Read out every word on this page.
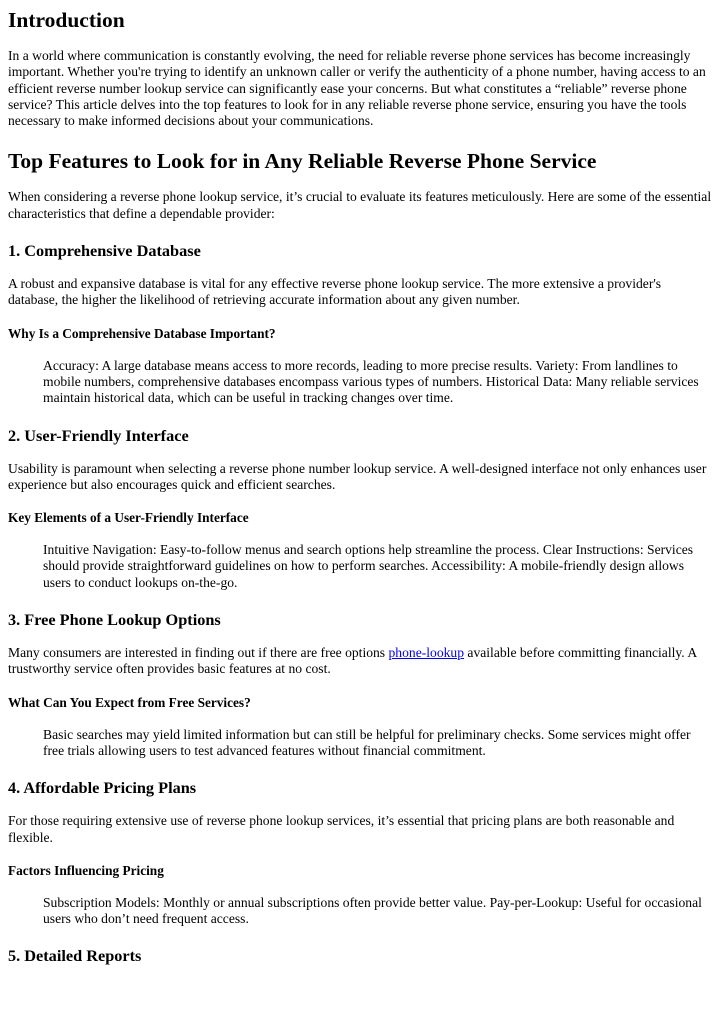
Introduction

In a world where communication is constantly evolving, the need for reliable reverse phone services has become increasingly important. Whether you're trying to identify an unknown caller or verify the authenticity of a phone number, having access to an efficient reverse number lookup service can significantly ease your concerns. But what constitutes a “reliable” reverse phone service? This article delves into the top features to look for in any reliable reverse phone service, ensuring you have the tools necessary to make informed decisions about your communications.

Top Features to Look for in Any Reliable Reverse Phone Service

When considering a reverse phone lookup service, it’s crucial to evaluate its features meticulously. Here are some of the essential characteristics that define a dependable provider:

1. Comprehensive Database

A robust and expansive database is vital for any effective reverse phone lookup service. The more extensive a provider's database, the higher the likelihood of retrieving accurate information about any given number.

Why Is a Comprehensive Database Important?
Accuracy: A large database means access to more records, leading to more precise results. Variety: From landlines to mobile numbers, comprehensive databases encompass various types of numbers. Historical Data: Many reliable services maintain historical data, which can be useful in tracking changes over time.
2. User-Friendly Interface

Usability is paramount when selecting a reverse phone number lookup service. A well-designed interface not only enhances user experience but also encourages quick and efficient searches.

Key Elements of a User-Friendly Interface
Intuitive Navigation: Easy-to-follow menus and search options help streamline the process. Clear Instructions: Services should provide straightforward guidelines on how to perform searches. Accessibility: A mobile-friendly design allows users to conduct lookups on-the-go.
3. Free Phone Lookup Options

Many consumers are interested in finding out if there are free options phone-lookup available before committing financially. A trustworthy service often provides basic features at no cost.

What Can You Expect from Free Services?
Basic searches may yield limited information but can still be helpful for preliminary checks. Some services might offer free trials allowing users to test advanced features without financial commitment.
4. Affordable Pricing Plans

For those requiring extensive use of reverse phone lookup services, it’s essential that pricing plans are both reasonable and flexible.

Factors Influencing Pricing
Subscription Models: Monthly or annual subscriptions often provide better value. Pay-per-Lookup: Useful for occasional users who don’t need frequent access.
5. Detailed Reports
